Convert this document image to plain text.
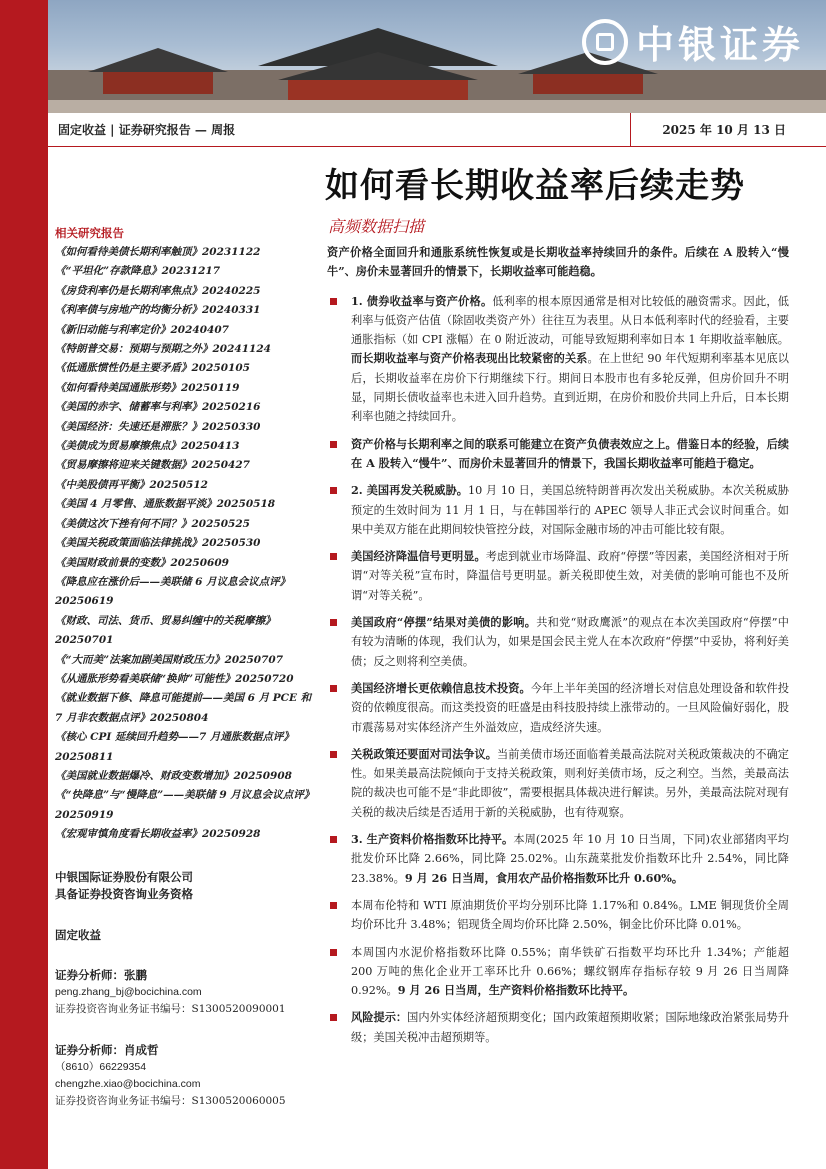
中银证券
固定收益 | 证券研究报告 — 周报	2025 年 10 月 13 日
如何看长期收益率后续走势
高频数据扫描
相关研究报告
《如何看待美债长期利率触顶》20231122
《“平坦化”存款降息》20231217
《房贷利率仍是长期利率焦点》20240225
《利率债与房地产的均衡分析》20240331
《新旧动能与利率定价》20240407
《特朗普交易：预期与预期之外》20241124
《低通胀惯性仍是主要矛盾》20250105
《如何看待美国通胀形势》20250119
《美国的赤字、储蓄率与利率》20250216
《美国经济：失速还是滞胀？》20250330
《美债成为贸易摩擦焦点》20250413
《贸易摩擦将迎来关键数据》20250427
《中美股债再平衡》20250512
《美国 4 月零售、通胀数据平淡》20250518
《美债这次下挫有何不同？》20250525
《美国关税政策面临法律挑战》20250530
《美国财政前景的变数》20250609
《降息应在涨价后——美联储 6 月议息会议点评》20250619
《财政、司法、货币、贸易纠缠中的关税摩擦》20250701
《“大而美”法案加剧美国财政压力》20250707
《从通胀形势看美联储“换帅”可能性》20250720
《就业数据下修、降息可能提前——美国 6 月 PCE 和 7 月非农数据点评》20250804
《核心 CPI 延续回升趋势——7 月通胀数据点评》20250811
《美国就业数据爆冷、财政变数增加》20250908
《“快降息”与“慢降息”——美联储 9 月议息会议点评》20250919
《宏观审慎角度看长期收益率》20250928
中银国际证券股份有限公司
具备证券投资咨询业务资格
固定收益
证券分析师：张鹏
peng.zhang_bj@bocichina.com
证券投资咨询业务证书编号：S1300520090001
证券分析师：肖成哲
（8610）66229354
chengzhe.xiao@bocichina.com
证券投资咨询业务证书编号：S1300520060005
资产价格全面回升和通胀系统性恢复或是长期收益率持续回升的条件。后续在 A 股转入“慢牛”、房价未显著回升的情景下，长期收益率可能趋稳。
1. 债券收益率与资产价格。低利率的根本原因通常是相对比较低的融资需求。因此，低利率与低资产估值（除固收类资产外）往往互为表里。从日本低利率时代的经验看，主要通胀指标（如 CPI 涨幅）在 0 附近波动，可能导致短期利率如日本 1 年期收益率触底。而长期收益率与资产价格表现出比较紧密的关系。在上世纪 90 年代短期利率基本见底以后，长期收益率在房价下行期继续下行。期间日本股市也有多轮反弹，但房价回升不明显，同期长债收益率也未进入回升趋势。直到近期，在房价和股价共同上升后，日本长期利率也随之持续回升。
资产价格与长期利率之间的联系可能建立在资产负债表效应之上。借鉴日本的经验，后续在 A 股转入“慢牛”、而房价未显著回升的情景下，我国长期收益率可能趋于稳定。
2. 美国再发关税威胁。10 月 10 日，美国总统特朗普再次发出关税威胁。本次关税威胁预定的生效时间为 11 月 1 日，与在韩国举行的 APEC 领导人非正式会议时间重合。如果中美双方能在此期间较快管控分歧，对国际金融市场的冲击可能比较有限。
美国经济降温信号更明显。考虑到就业市场降温、政府“停摆”等因素，美国经济相对于所谓“对等关税”宣布时，降温信号更明显。新关税即使生效，对美债的影响可能也不及所谓“对等关税”。
美国政府“停摆”结果对美债的影响。共和党“财政鹰派”的观点在本次美国政府“停摆”中有较为清晰的体现，我们认为，如果是国会民主党人在本次政府“停摆”中妥协，将利好美债；反之则将利空美债。
美国经济增长更依赖信息技术投资。今年上半年美国的经济增长对信息处理设备和软件投资的依赖度很高。而这类投资的旺盛是由科技股持续上涨带动的。一旦风险偏好弱化，股市震荡易对实体经济产生外溢效应，造成经济失速。
关税政策还要面对司法争议。当前美债市场还面临着美最高法院对关税政策裁决的不确定性。如果美最高法院倾向于支持关税政策，则利好美债市场，反之利空。当然，美最高法院的裁决也可能不是“非此即彼”，需要根据具体裁决进行解读。另外，美最高法院对现有关税的裁决后续是否适用于新的关税威胁，也有待观察。
3. 生产资料价格指数环比持平。本周(2025 年 10 月 10 日当周，下同)农业部猪肉平均批发价环比降 2.66%，同比降 25.02%。山东蔬菜批发价指数环比升 2.54%，同比降 23.38%。9 月 26 日当周，食用农产品价格指数环比升 0.60%。
本周布伦特和 WTI 原油期货价平均分别环比降 1.17%和 0.84%。LME 铜现货价全周均价环比升 3.48%；铝现货全周均价环比降 2.50%，铜金比价环比降 0.01%。
本周国内水泥价格指数环比降 0.55%；南华铁矿石指数平均环比升 1.34%；产能超 200 万吨的焦化企业开工率环比升 0.66%；螺纹钢库存指标存较 9 月 26 日当周降 0.92%。9 月 26 日当周，生产资料价格指数环比持平。
风险提示：国内外实体经济超预期变化；国内政策超预期收紧；国际地缘政治紧张局势升级；美国关税冲击超预期等。
